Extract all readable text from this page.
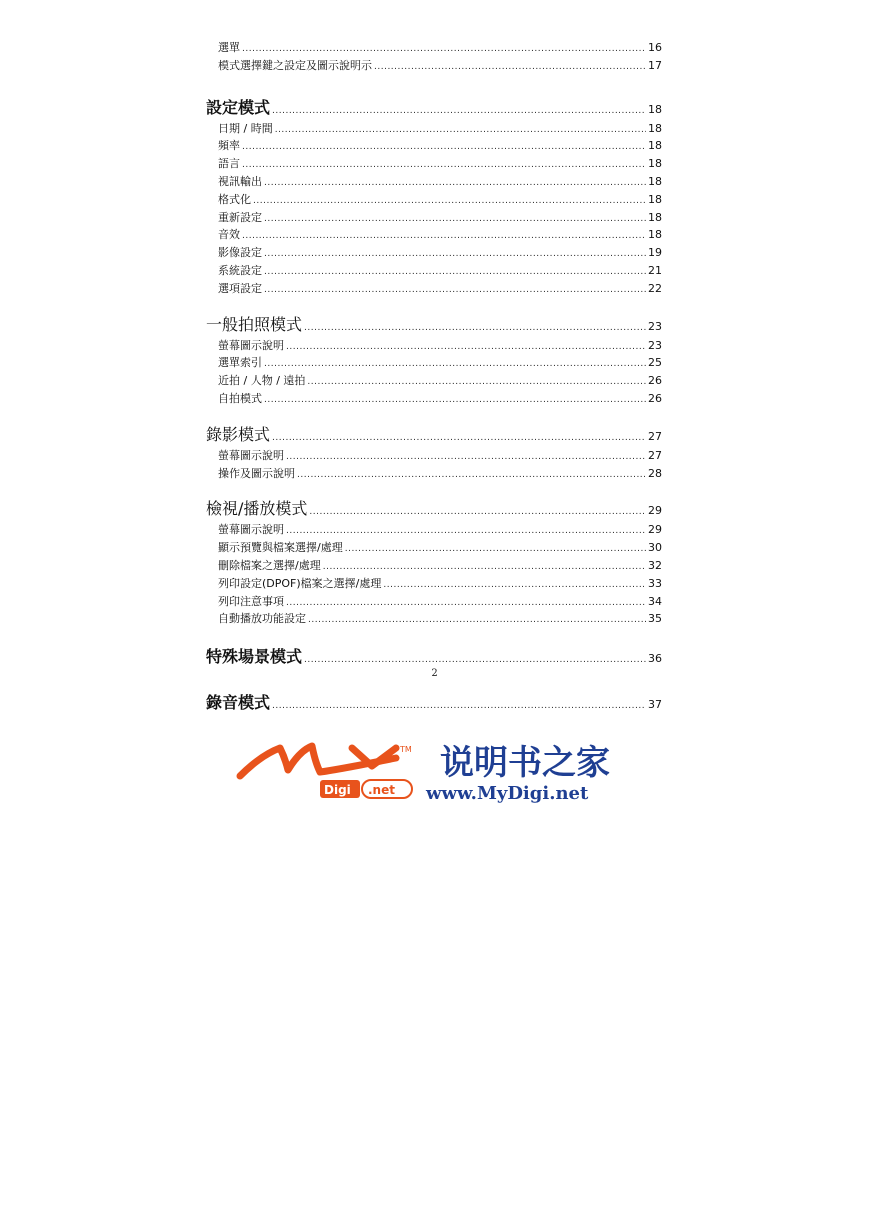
選單 .....	16
模式選擇鍵之設定及圖示說明示 .....	17
設定模式 .....	18
日期 / 時間 .....	18
頻率 .....	18
語言 .....	18
視訊輸出 .....	18
格式化 .....	18
重新設定 .....	18
音效 .....	18
影像設定 .....	19
系統設定 .....	21
選項設定 .....	22
一般拍照模式 .....	23
螢幕圖示說明 .....	23
選單索引 .....	25
近拍 / 人物 / 遠拍 .....	26
自拍模式 .....	26
錄影模式 .....	27
螢幕圖示說明 .....	27
操作及圖示說明 .....	28
檢視/播放模式 .....	29
螢幕圖示說明 .....	29
顯示預覽與檔案選擇/處理 .....	30
刪除檔案之選擇/處理 .....	32
列印設定(DPOF)檔案之選擇/處理 .....	33
列印注意事項 .....	34
自動播放功能設定 .....	35
特殊場景模式 .....	36
錄音模式 .....	37
2
TM
Digi .net
说明书之家
www.MyDigi.net
